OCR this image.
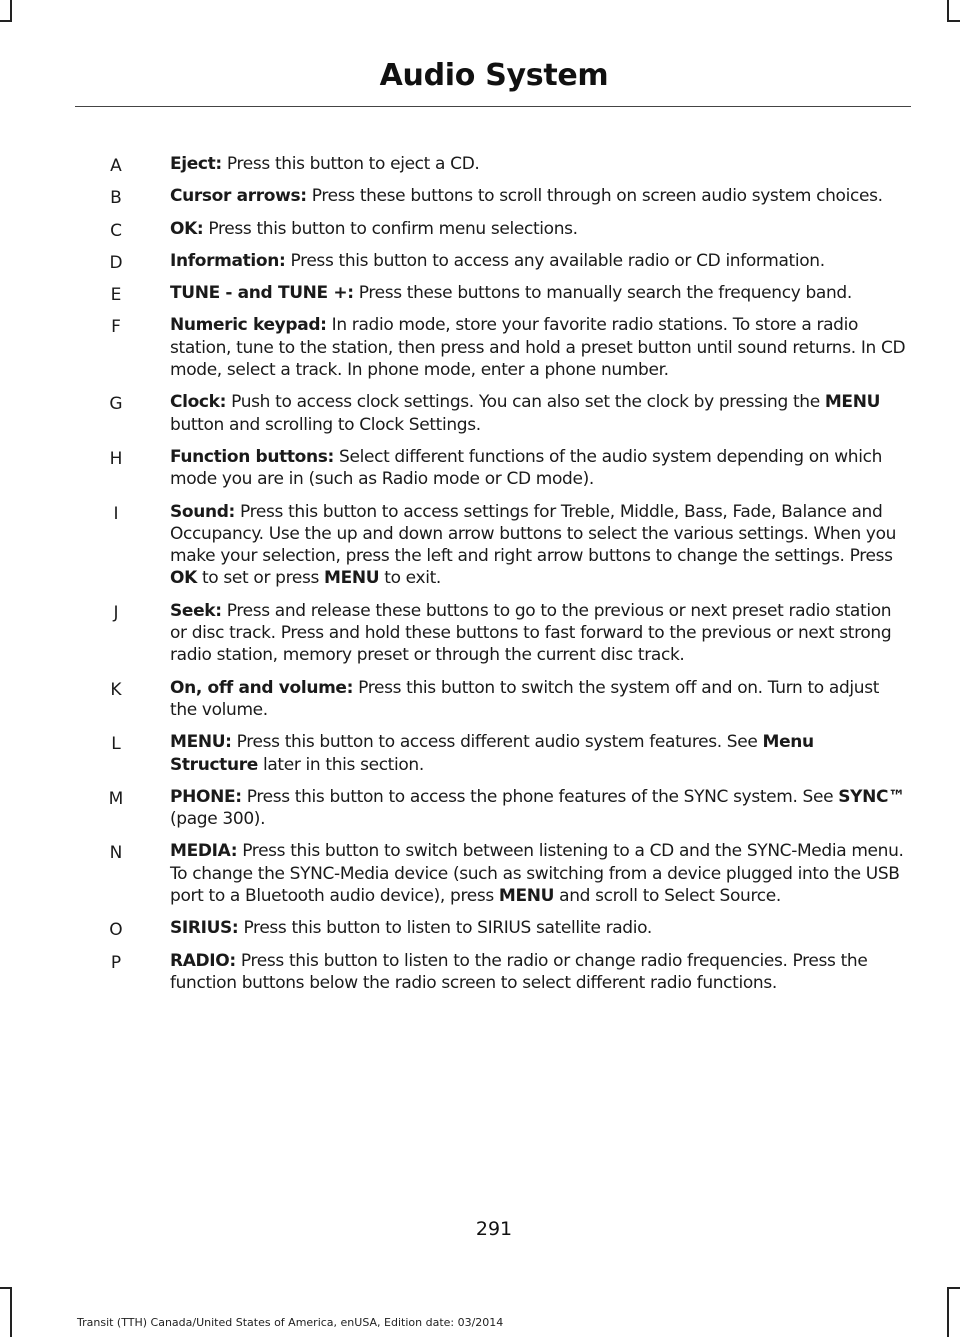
Audio System
A	Eject: Press this button to eject a CD.
B	Cursor arrows: Press these buttons to scroll through on screen audio system choices.
C	OK: Press this button to confirm menu selections.
D	Information: Press this button to access any available radio or CD information.
E	TUNE - and TUNE +: Press these buttons to manually search the frequency band.
F	Numeric keypad: In radio mode, store your favorite radio stations. To store a radio station, tune to the station, then press and hold a preset button until sound returns. In CD mode, select a track. In phone mode, enter a phone number.
G	Clock: Push to access clock settings. You can also set the clock by pressing the MENU button and scrolling to Clock Settings.
H	Function buttons: Select different functions of the audio system depending on which mode you are in (such as Radio mode or CD mode).
I	Sound: Press this button to access settings for Treble, Middle, Bass, Fade, Balance and Occupancy. Use the up and down arrow buttons to select the various settings. When you make your selection, press the left and right arrow buttons to change the settings. Press OK to set or press MENU to exit.
J	Seek: Press and release these buttons to go to the previous or next preset radio station or disc track. Press and hold these buttons to fast forward to the previous or next strong radio station, memory preset or through the current disc track.
K	On, off and volume: Press this button to switch the system off and on. Turn to adjust the volume.
L	MENU: Press this button to access different audio system features. See Menu Structure later in this section.
M	PHONE: Press this button to access the phone features of the SYNC system. See SYNC™ (page 300).
N	MEDIA: Press this button to switch between listening to a CD and the SYNC-Media menu. To change the SYNC-Media device (such as switching from a device plugged into the USB port to a Bluetooth audio device), press MENU and scroll to Select Source.
O	SIRIUS: Press this button to listen to SIRIUS satellite radio.
P	RADIO: Press this button to listen to the radio or change radio frequencies. Press the function buttons below the radio screen to select different radio functions.
291
Transit (TTH) Canada/United States of America, enUSA, Edition date: 03/2014
